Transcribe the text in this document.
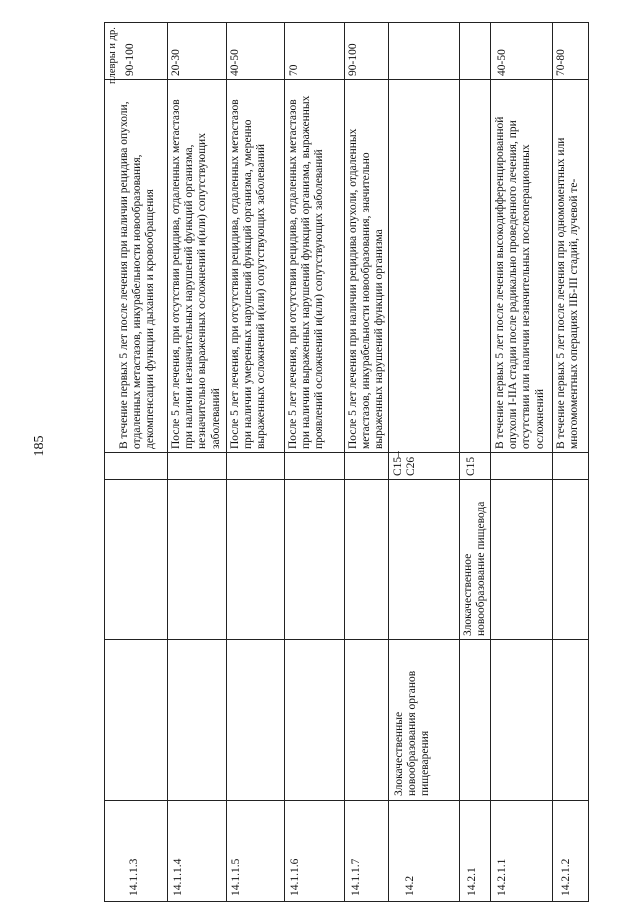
185
плевры и др.
В течение первых 5 лет после лечения при наличии рецидива опухоли, отдаленных метастазов, инкурабельности новообразования, декомпенсации функции дыхания и кровообращения
90-100
14.1.1.3
После 5 лет лечения, при отсутствии рецидива, отдаленных метастазов при наличии незначительных нарушений функций организма, незначительно выраженных осложнений и(или) сопутствующих заболеваний
20-30
14.1.1.4
После 5 лет лечения, при отсутствии рецидива, отдаленных метастазов при наличии умеренных нарушений функций организма, умеренно выраженных осложнений и(или) сопутствующих заболеваний
40-50
14.1.1.5
После 5 лет лечения, при отсутствии рецидива, отдаленных метастазов при наличии выраженных нарушений функций организма, выраженных проявлений осложнений и(или) сопутствующих заболеваний
70
14.1.1.6
После 5 лет лечения при наличии рецидива опухоли, отдаленных метастазов, инкурабельности новообразования, значительно выраженных нарушений функции организма
90-100
14.1.1.7
Злокачественные новообразования органов пищеварения
C15–C26
14.2
Злокачественное новообразование пищевода
C15
14.2.1
В течение первых 5 лет после лечения высокодифференцированной опухоли I-IIA стадии после радикально проведенного лечения, при отсутствии или наличии незначительных послеоперационных осложнений
40-50
14.2.1.1
В течение первых 5 лет после лечения при одномоментных или многомоментных операциях IIБ-III стадий, лучевой те-
70-80
14.2.1.2
